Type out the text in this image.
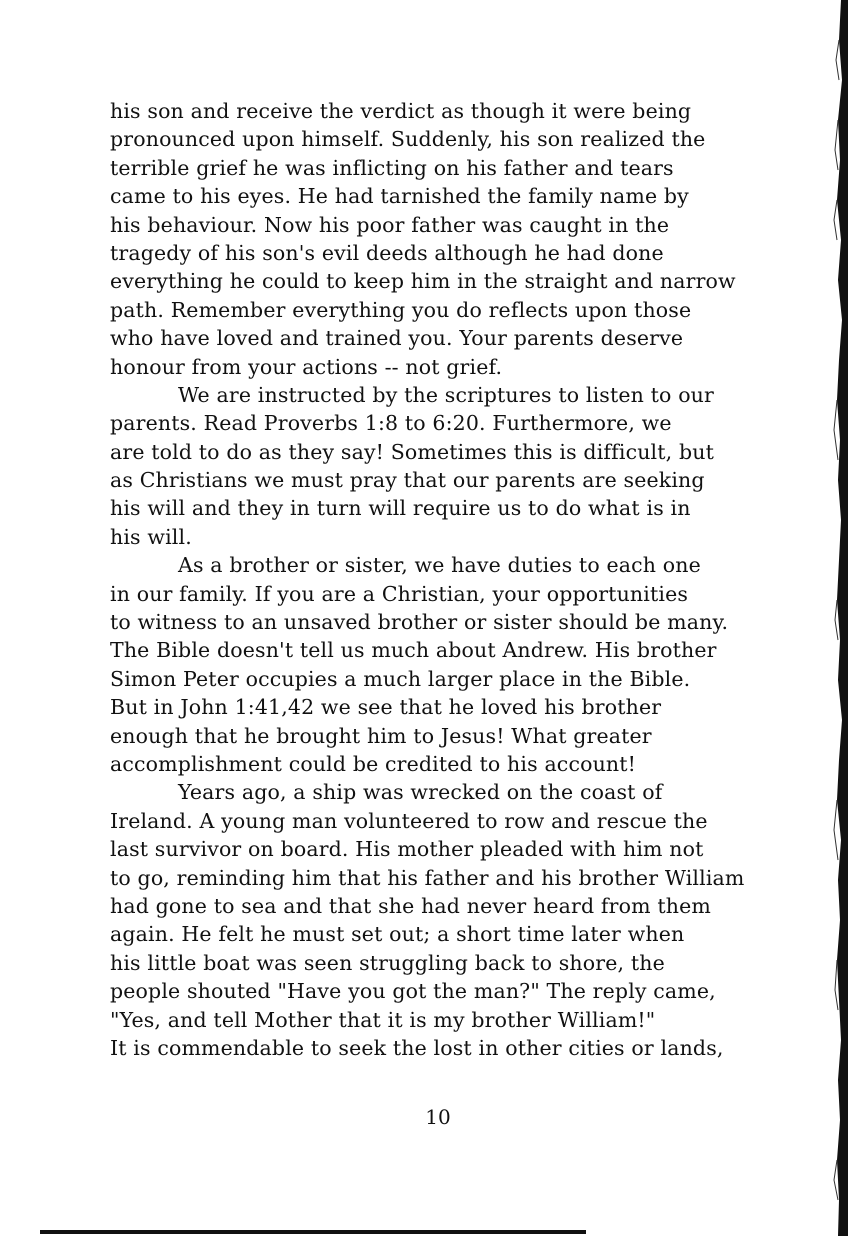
his son and receive the verdict as though it were being
pronounced upon himself. Suddenly, his son realized the
terrible grief he was inflicting on his father and tears
came to his eyes. He had tarnished the family name by
his behaviour. Now his poor father was caught in the
tragedy of his son's evil deeds although he had done
everything he could to keep him in the straight and narrow
path. Remember everything you do reflects upon those
who have loved and trained you. Your parents deserve
honour from your actions -- not grief.
We are instructed by the scriptures to listen to our
parents. Read Proverbs 1:8 to 6:20. Furthermore, we
are told to do as they say! Sometimes this is difficult, but
as Christians we must pray that our parents are seeking
his will and they in turn will require us to do what is in
his will.
As a brother or sister, we have duties to each one
in our family. If you are a Christian, your opportunities
to witness to an unsaved brother or sister should be many.
The Bible doesn't tell us much about Andrew. His brother
Simon Peter occupies a much larger place in the Bible.
But in John 1:41,42 we see that he loved his brother
enough that he brought him to Jesus! What greater
accomplishment could be credited to his account!
Years ago, a ship was wrecked on the coast of
Ireland. A young man volunteered to row and rescue the
last survivor on board. His mother pleaded with him not
to go, reminding him that his father and his brother William
had gone to sea and that she had never heard from them
again. He felt he must set out; a short time later when
his little boat was seen struggling back to shore, the
people shouted "Have you got the man?" The reply came,
"Yes, and tell Mother that it is my brother William!"
It is commendable to seek the lost in other cities or lands,
10
